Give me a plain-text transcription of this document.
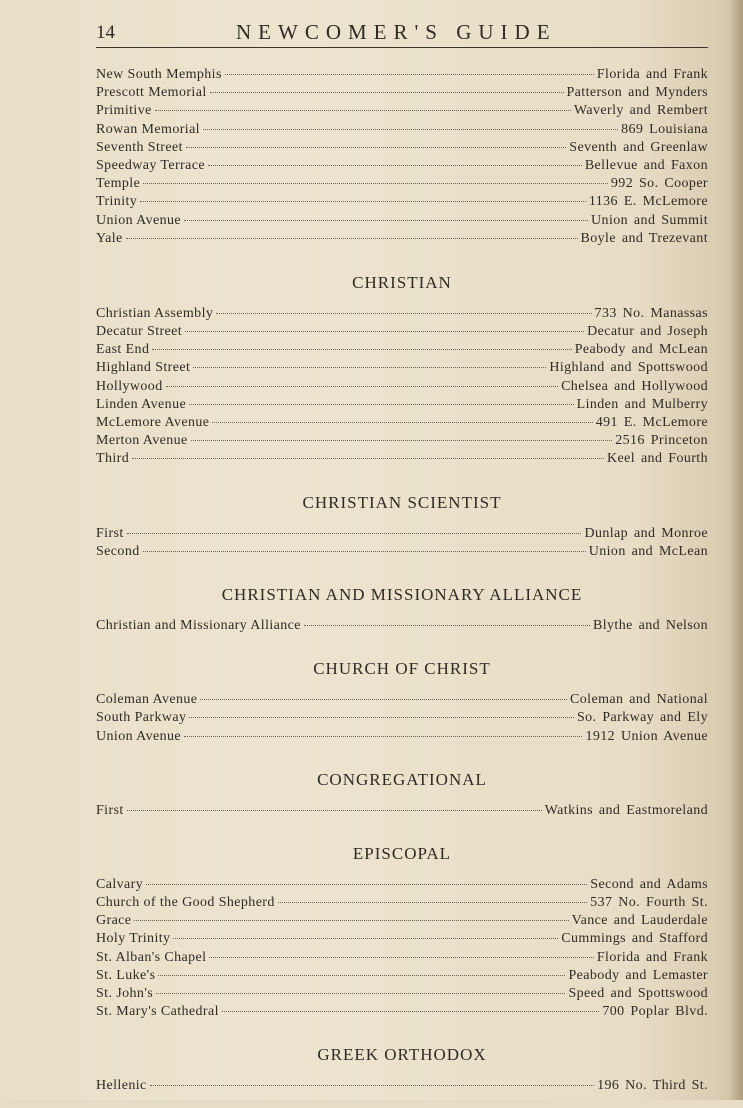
14	NEWCOMER'S GUIDE
New South Memphis	Florida and Frank
Prescott Memorial	Patterson and Mynders
Primitive	Waverly and Rembert
Rowan Memorial	869 Louisiana
Seventh Street	Seventh and Greenlaw
Speedway Terrace	Bellevue and Faxon
Temple	992 So. Cooper
Trinity	1136 E. McLemore
Union Avenue	Union and Summit
Yale	Boyle and Trezevant
CHRISTIAN
Christian Assembly	733 No. Manassas
Decatur Street	Decatur and Joseph
East End	Peabody and McLean
Highland Street	Highland and Spottswood
Hollywood	Chelsea and Hollywood
Linden Avenue	Linden and Mulberry
McLemore Avenue	491 E. McLemore
Merton Avenue	2516 Princeton
Third	Keel and Fourth
CHRISTIAN SCIENTIST
First	Dunlap and Monroe
Second	Union and McLean
CHRISTIAN AND MISSIONARY ALLIANCE
Christian and Missionary Alliance	Blythe and Nelson
CHURCH OF CHRIST
Coleman Avenue	Coleman and National
South Parkway	So. Parkway and Ely
Union Avenue	1912 Union Avenue
CONGREGATIONAL
First	Watkins and Eastmoreland
EPISCOPAL
Calvary	Second and Adams
Church of the Good Shepherd	537 No. Fourth St.
Grace	Vance and Lauderdale
Holy Trinity	Cummings and Stafford
St. Alban's Chapel	Florida and Frank
St. Luke's	Peabody and Lemaster
St. John's	Speed and Spottswood
St. Mary's Cathedral	700 Poplar Blvd.
GREEK ORTHODOX
Hellenic	196 No. Third St.
